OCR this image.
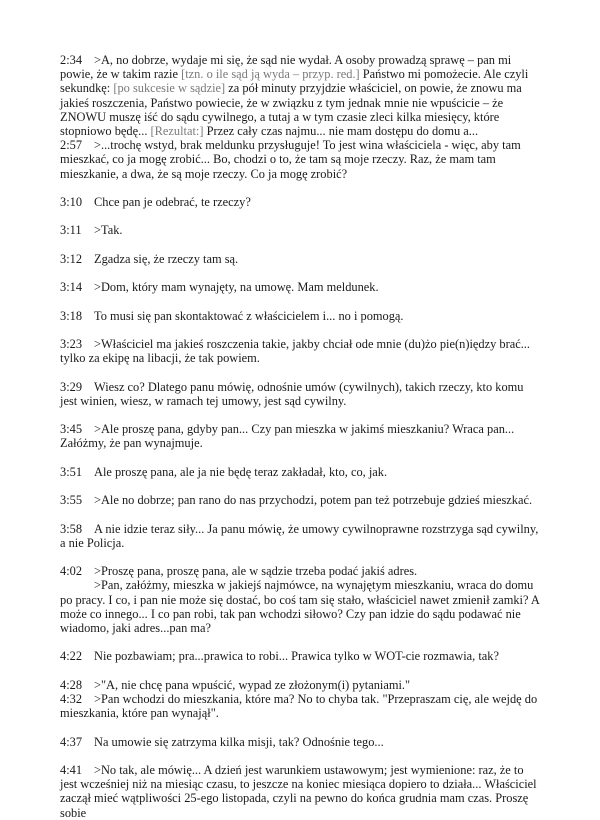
2:34 >A, no dobrze, wydaje mi się, że sąd nie wydał. A osoby prowadzą sprawę – pan mi powie, że w takim razie [tzn. o ile sąd ją wyda – przyp. red.] Państwo mi pomożecie. Ale czyli sekundkę: [po sukcesie w sądzie] za pół minuty przyjdzie właściciel, on powie, że znowu ma jakieś roszczenia, Państwo powiecie, że w związku z tym jednak mnie nie wpuścicie – że ZNOWU muszę iść do sądu cywilnego, a tutaj a w tym czasie zleci kilka miesięcy, które stopniowo będę... [Rezultat:] Przez cały czas najmu... nie mam dostępu do domu a...

2:57 >...trochę wstyd, brak meldunku przysługuje! To jest wina właściciela - więc, aby tam mieszkać, co ja mogę zrobić... Bo, chodzi o to, że tam są moje rzeczy. Raz, że mam tam mieszkanie, a dwa, że są moje rzeczy. Co ja mogę zrobić?

3:10 Chce pan je odebrać, te rzeczy?

3:11 >Tak.

3:12 Zgadza się, że rzeczy tam są.

3:14 >Dom, który mam wynajęty, na umowę. Mam meldunek.

3:18 To musi się pan skontaktować z właścicielem i... no i pomogą.

3:23 >Właściciel ma jakieś roszczenia takie, jakby chciał ode mnie (du)żo pie(n)iędzy brać... tylko za ekipę na libacji, że tak powiem.

3:29 Wiesz co? Dlatego panu mówię, odnośnie umów (cywilnych), takich rzeczy, kto komu jest winien, wiesz, w ramach tej umowy, jest sąd cywilny.

3:45 >Ale proszę pana, gdyby pan... Czy pan mieszka w jakimś mieszkaniu? Wraca pan... Załóżmy, że pan wynajmuje.

3:51 Ale proszę pana, ale ja nie będę teraz zakładał, kto, co, jak.

3:55 >Ale no dobrze; pan rano do nas przychodzi, potem pan też potrzebuje gdzieś mieszkać.

3:58 A nie idzie teraz siły... Ja panu mówię, że umowy cywilnoprawne rozstrzyga sąd cywilny, a nie Policja.

4:02 >Proszę pana, proszę pana, ale w sądzie trzeba podać jakiś adres.

>Pan, załóżmy, mieszka w jakiejś najmówce, na wynajętym mieszkaniu, wraca do domu po pracy. I co, i pan nie może się dostać, bo coś tam się stało, właściciel nawet zmienił zamki? A może co innego... I co pan robi, tak pan wchodzi siłowo? Czy pan idzie do sądu podawać nie wiadomo, jaki adres...pan ma?

4:22 Nie pozbawiam; pra...prawica to robi... Prawica tylko w WOT-cie rozmawia, tak?

4:28 >"A, nie chcę pana wpuścić, wypad ze złożonym(i) pytaniami."

4:32 >Pan wchodzi do mieszkania, które ma? No to chyba tak. "Przepraszam cię, ale wejdę do mieszkania, które pan wynajął".

4:37 Na umowie się zatrzyma kilka misji, tak? Odnośnie tego...

4:41 >No tak, ale mówię... A dzień jest warunkiem ustawowym; jest wymienione: raz, że to jest wcześniej niż na miesiąc czasu, to jeszcze na koniec miesiąca dopiero to działa... Właściciel zaczął mieć wątpliwości 25-ego listopada, czyli na pewno do końca grudnia mam czas. Proszę sobie
